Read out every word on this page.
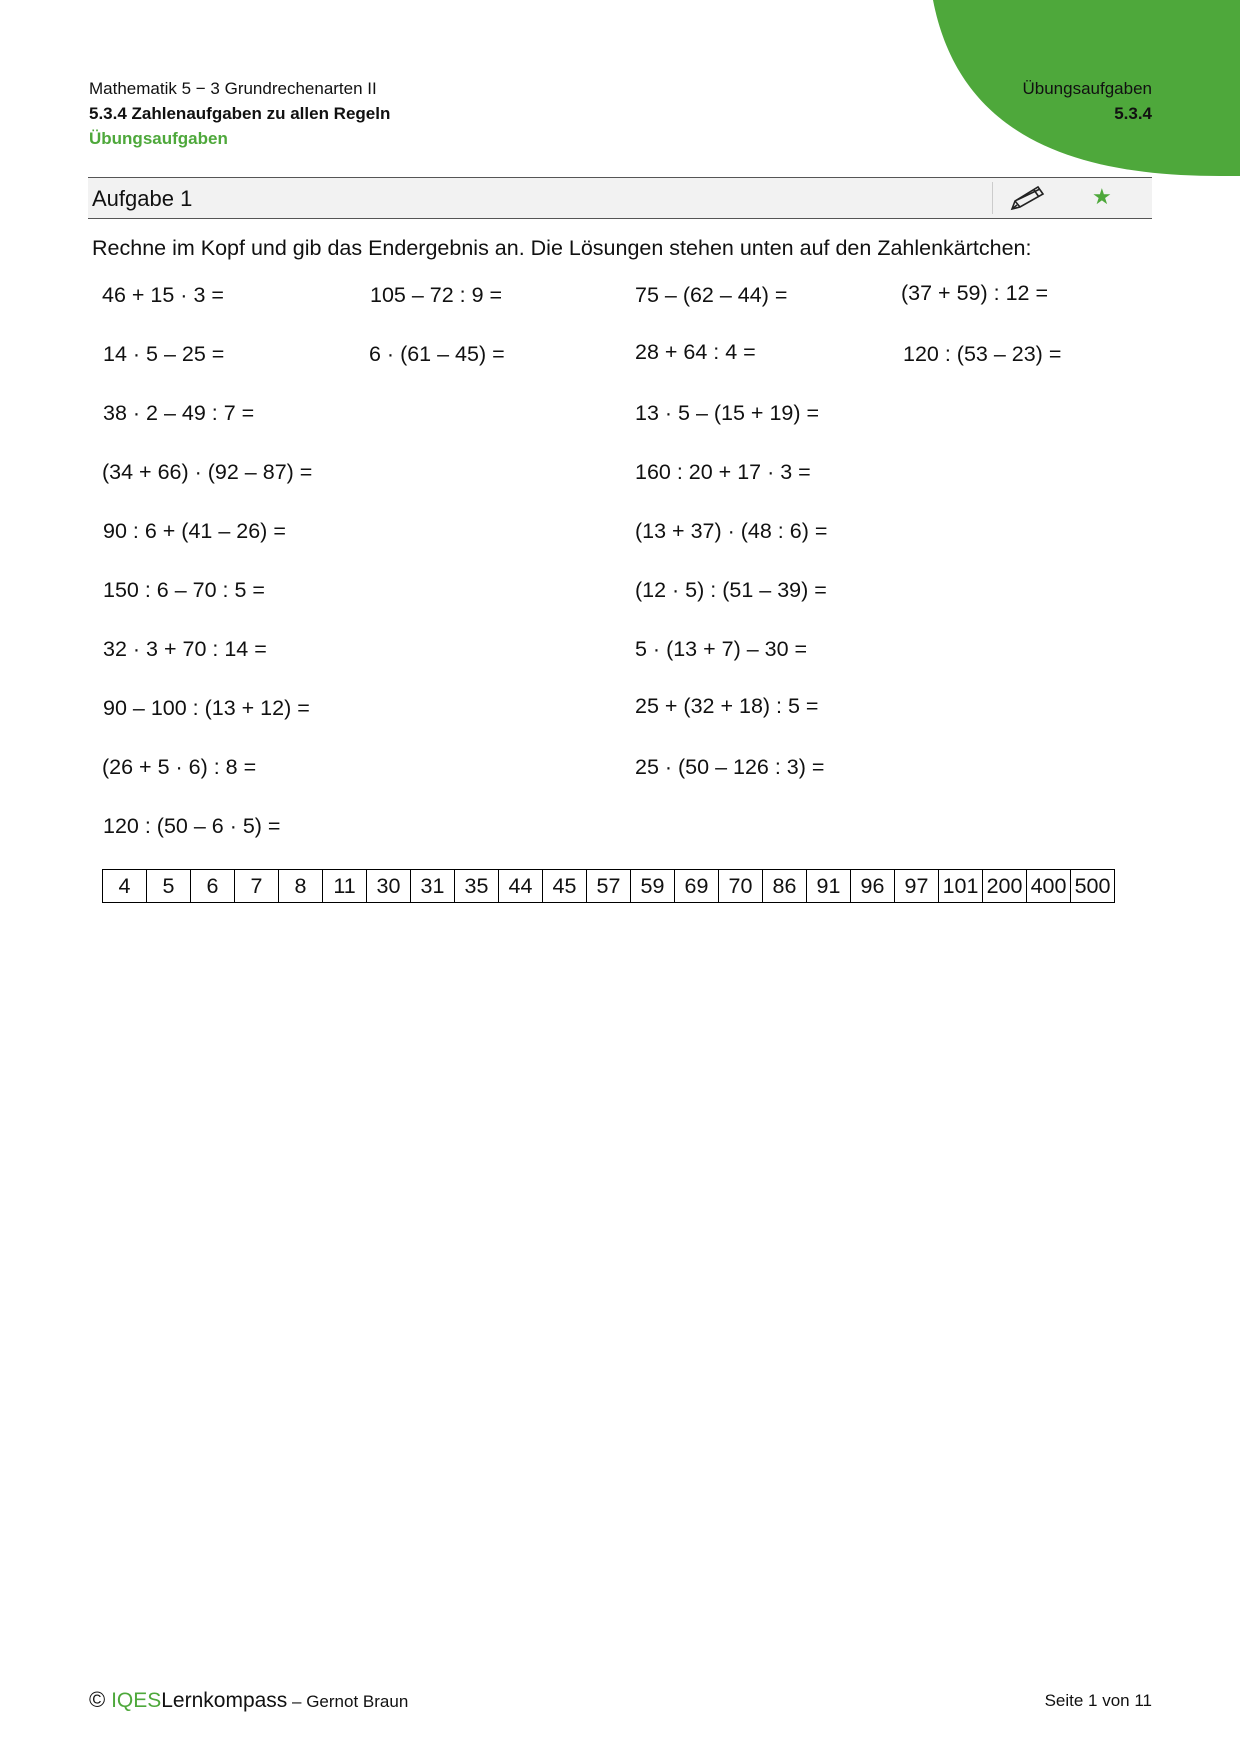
Mathematik 5 − 3 Grundrechenarten II
5.3.4 Zahlenaufgaben zu allen Regeln
Übungsaufgaben
Übungsaufgaben
5.3.4
Aufgabe 1	★
Rechne im Kopf und gib das Endergebnis an. Die Lösungen stehen unten auf den Zahlenkärtchen:
46 + 15 · 3 =	105 – 72 : 9 =	75 – (62 – 44) =	(37 + 59) : 12 =
14 · 5 – 25 =	6 · (61 – 45) =	28 + 64 : 4 =	120 : (53 – 23) =
38 · 2 – 49 : 7 =	13 · 5 – (15 + 19) =
(34 + 66) · (92 – 87) =	160 : 20 + 17 · 3 =
90 : 6 + (41 – 26) =	(13 + 37) · (48 : 6) =
150 : 6 – 70 : 5 =	(12 · 5) : (51 – 39) =
32 · 3 + 70 : 14 =	5 · (13 + 7) – 30 =
90 – 100 : (13 + 12) =	25 + (32 + 18) : 5 =
(26 + 5 · 6) : 8 =	25 · (50 – 126 : 3) =
120 : (50 – 6 · 5) =
4	5	6	7	8	11	30	31	35	44	45	57	59	69	70	86	91	96	97	101	200	400	500
© IQESLernkompass – Gernot Braun	Seite 1 von 11
